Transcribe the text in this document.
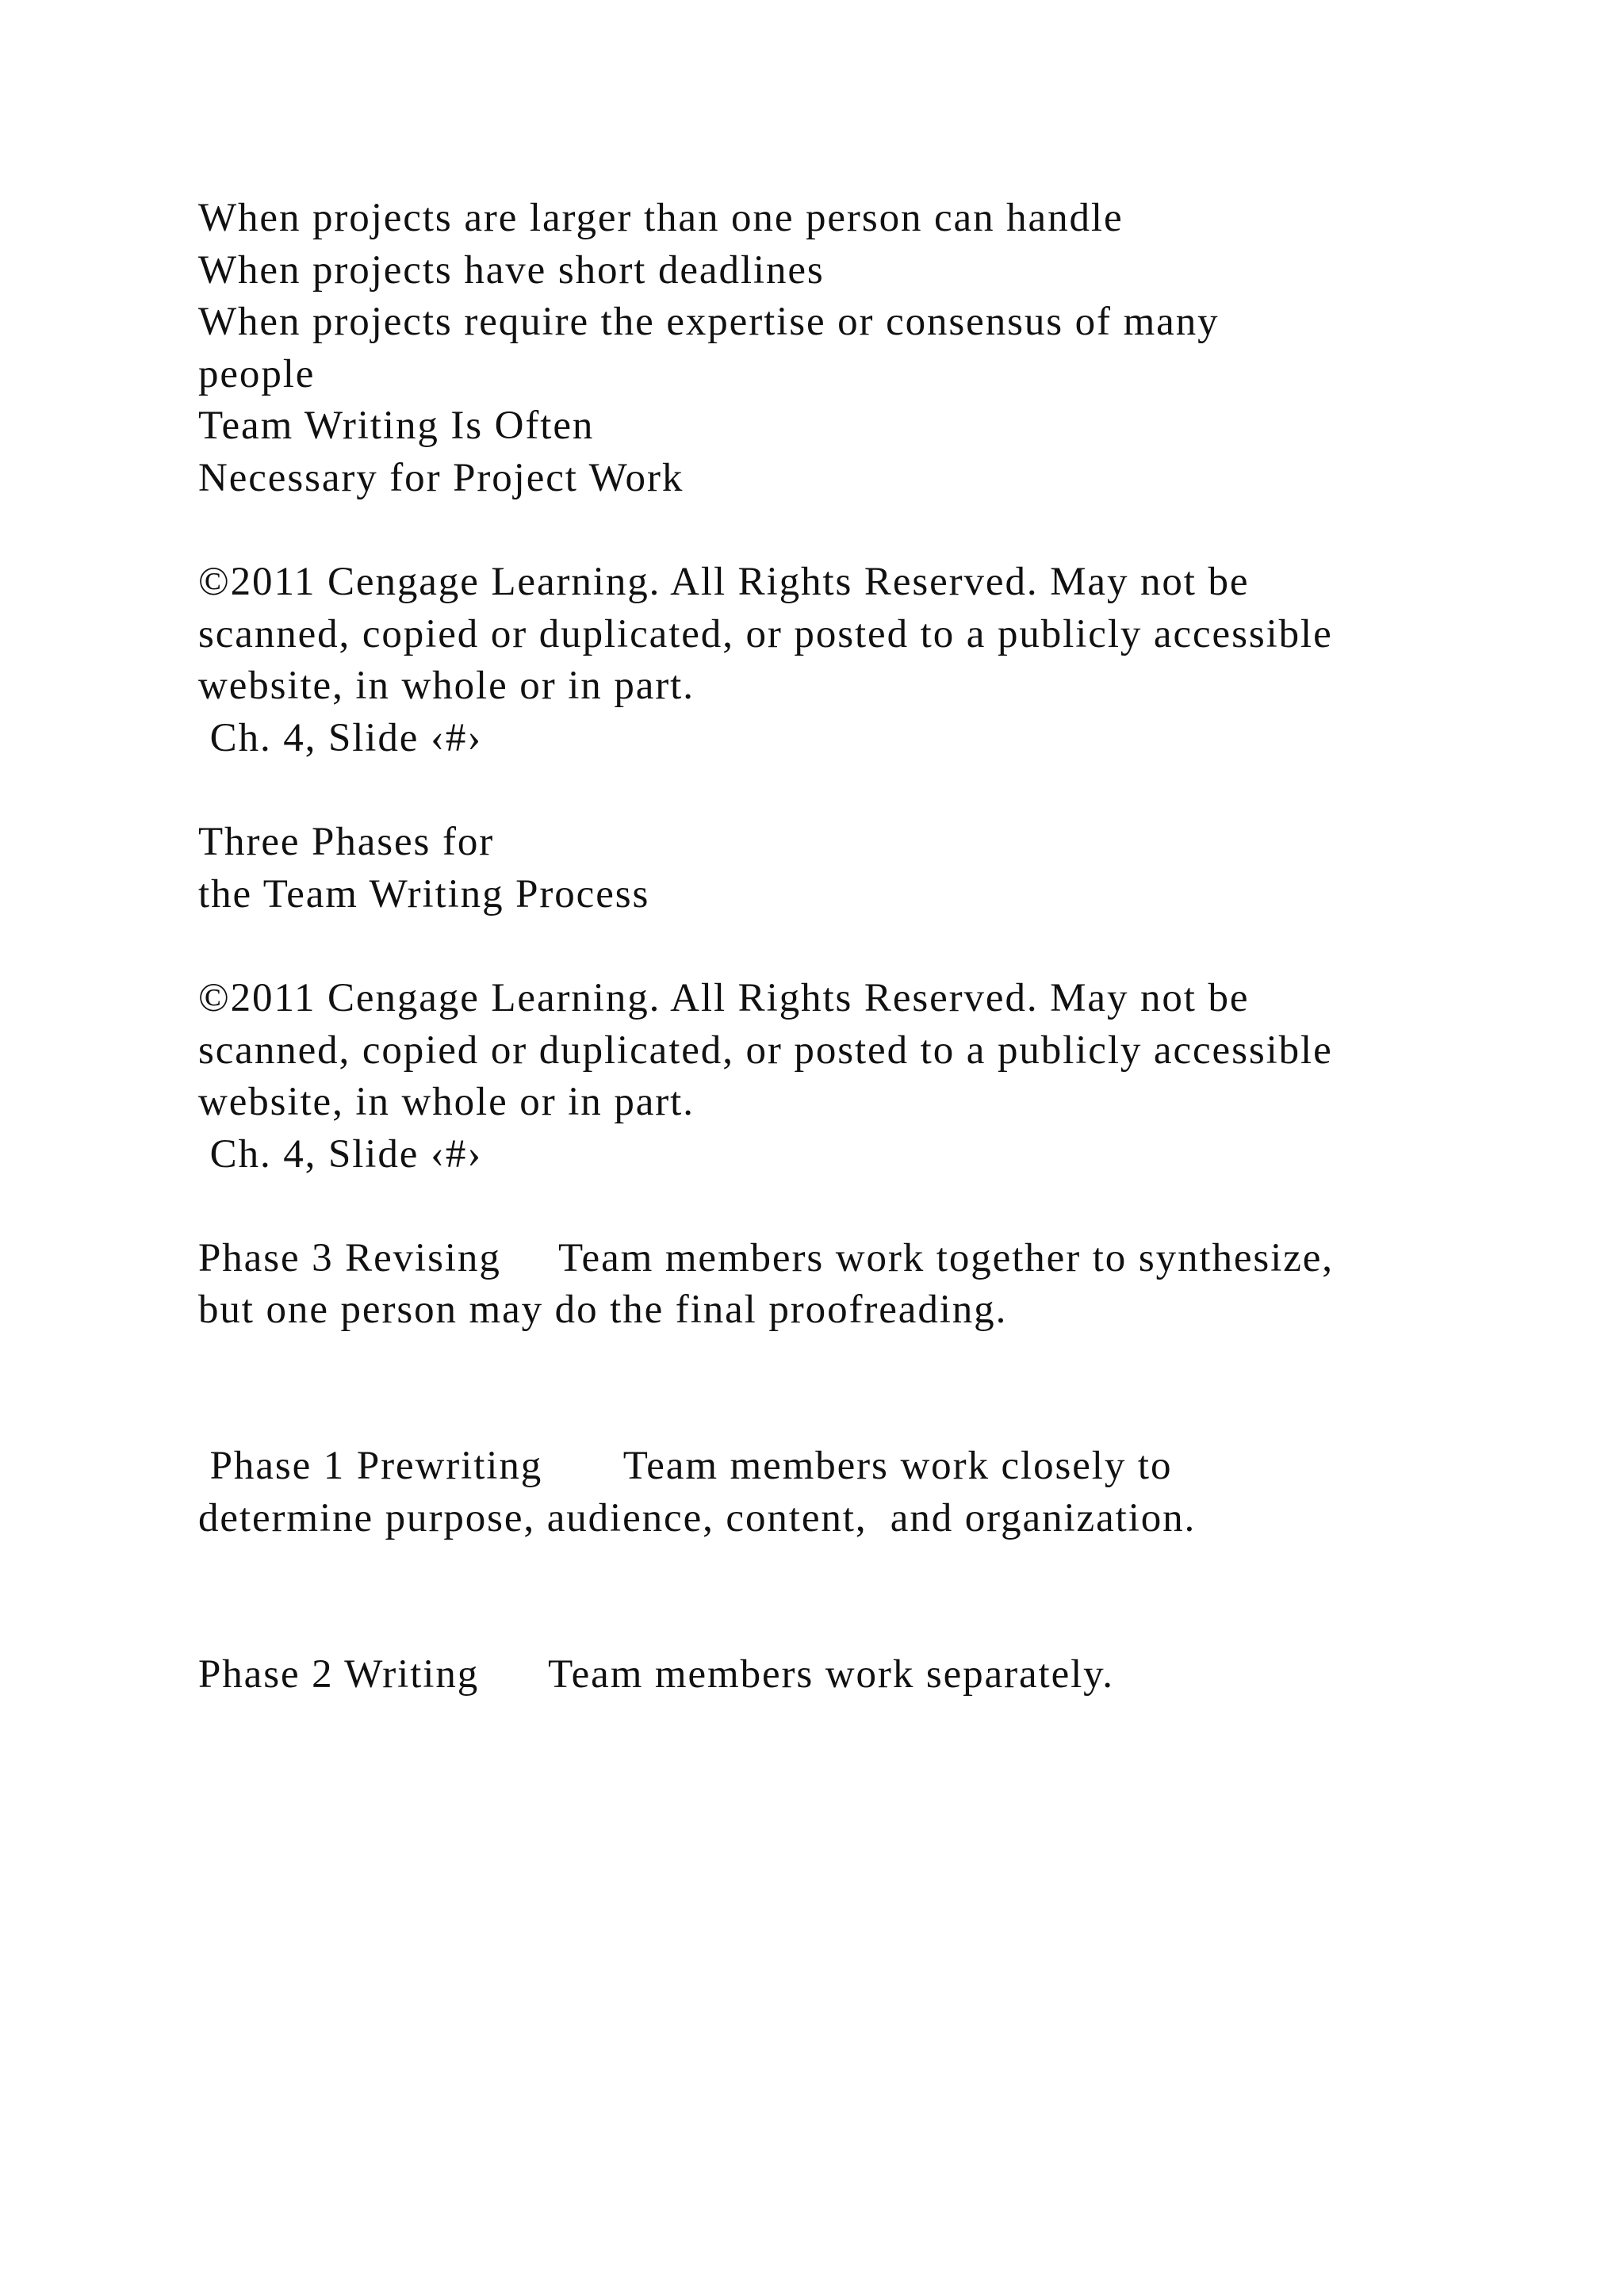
When projects are larger than one person can handle
When projects have short deadlines
When projects require the expertise or consensus of many
people
Team Writing Is Often
Necessary for Project Work
©2011 Cengage Learning. All Rights Reserved. May not be
scanned, copied or duplicated, or posted to a publicly accessible
website, in whole or in part.
Ch. 4, Slide ‹#›
Three Phases for
the Team Writing Process
©2011 Cengage Learning. All Rights Reserved. May not be
scanned, copied or duplicated, or posted to a publicly accessible
website, in whole or in part.
Ch. 4, Slide ‹#›
Phase 3 Revising     Team members work together to synthesize,
but one person may do the final proofreading.
Phase 1 Prewriting       Team members work closely to
determine purpose, audience, content,  and organization.
Phase 2 Writing      Team members work separately.
